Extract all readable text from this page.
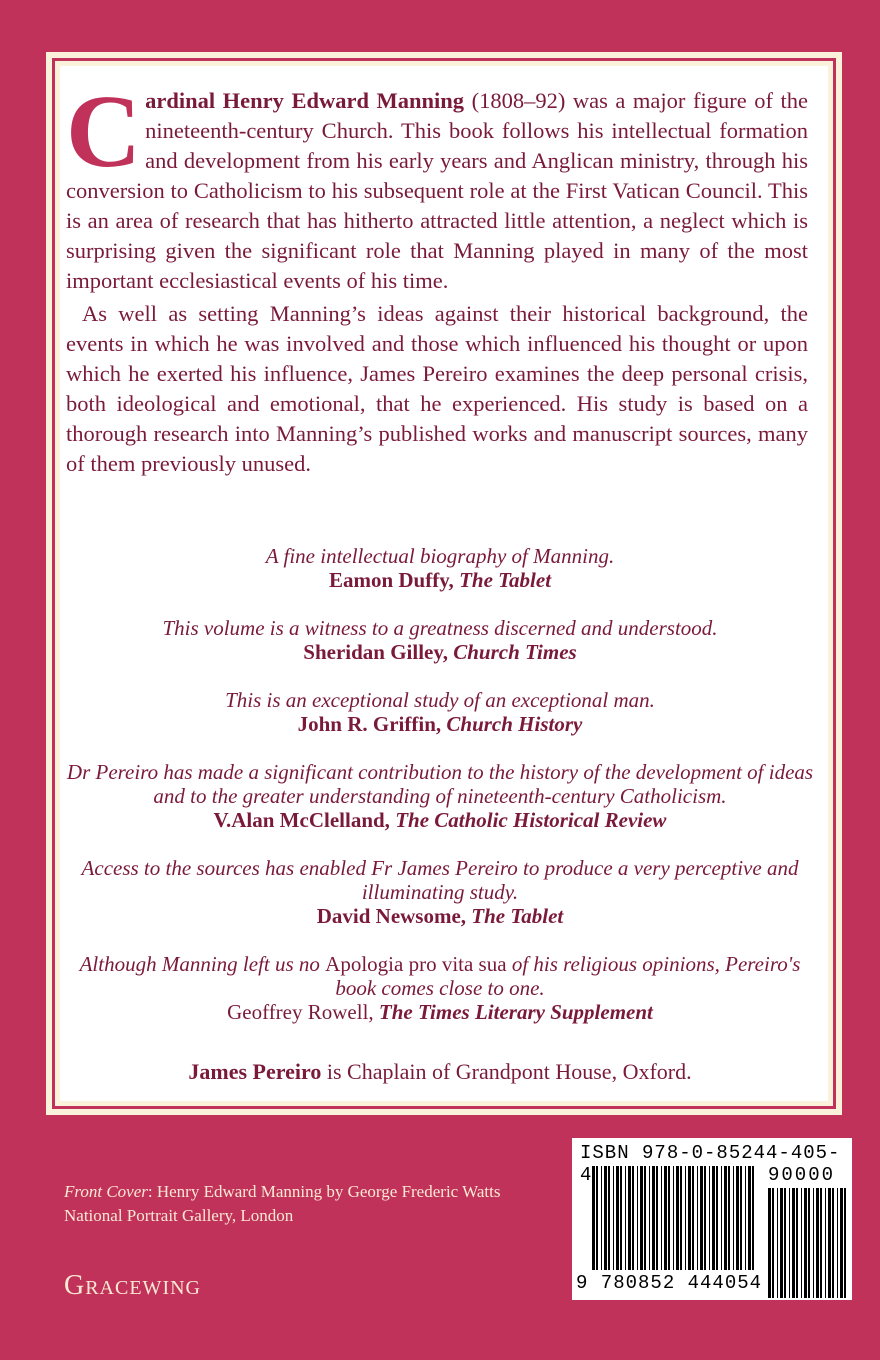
Cardinal Henry Edward Manning (1808–92) was a major figure of the nineteenth-century Church. This book follows his intellectual formation and development from his early years and Anglican ministry, through his conversion to Catholicism to his subsequent role at the First Vatican Council. This is an area of research that has hitherto attracted little attention, a neglect which is surprising given the significant role that Manning played in many of the most important ecclesiastical events of his time.

As well as setting Manning’s ideas against their historical background, the events in which he was involved and those which influenced his thought or upon which he exerted his influence, James Pereiro examines the deep personal crisis, both ideological and emotional, that he experienced. His study is based on a thorough research into Manning’s published works and manuscript sources, many of them previously unused.

A fine intellectual biography of Manning.
Eamon Duffy, The Tablet
This volume is a witness to a greatness discerned and understood.
Sheridan Gilley, Church Times
This is an exceptional study of an exceptional man.
John R. Griffin, Church History
Dr Pereiro has made a significant contribution to the history of the development of ideas and to the greater understanding of nineteenth-century Catholicism.
V.Alan McClelland, The Catholic Historical Review
Access to the sources has enabled Fr James Pereiro to produce a very perceptive and illuminating study.
David Newsome, The Tablet
Although Manning left us no Apologia pro vita sua of his religious opinions, Pereiro's book comes close to one.
Geoffrey Rowell, The Times Literary Supplement
James Pereiro is Chaplain of Grandpont House, Oxford.
Front Cover: Henry Edward Manning by George Frederic Watts
National Portrait Gallery, London
Gracewing
ISBN 978-0-85244-405-4	90000
9 780852 444054
